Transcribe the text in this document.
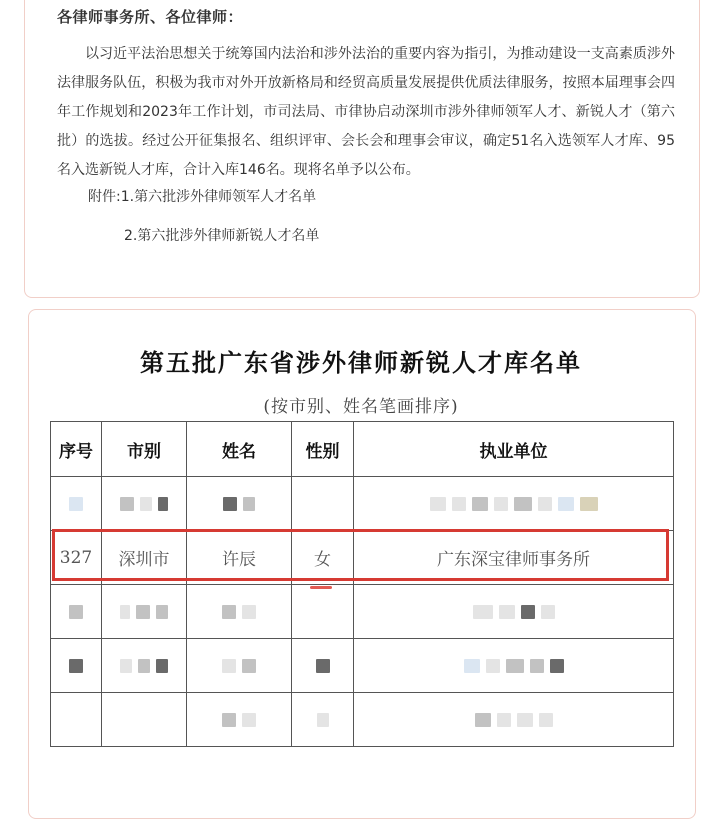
各律师事务所、各位律师：

以习近平法治思想关于统筹国内法治和涉外法治的重要内容为指引，为推动建设一支高素质涉外法律服务队伍，积极为我市对外开放新格局和经贸高质量发展提供优质法律服务，按照本届理事会四年工作规划和2023年工作计划，市司法局、市律协启动深圳市涉外律师领军人才、新锐人才（第六批）的选拔。经过公开征集报名、组织评审、会长会和理事会审议，确定51名入选领军人才库、95名入选新锐人才库，合计入库146名。现将名单予以公布。

附件:1.第六批涉外律师领军人才名单
2.第六批涉外律师新锐人才名单
第五批广东省涉外律师新锐人才库名单
(按市别、姓名笔画排序)
序号	市别	姓名	性别	执业单位

327	深圳市	许辰	女	广东深宝律师事务所
